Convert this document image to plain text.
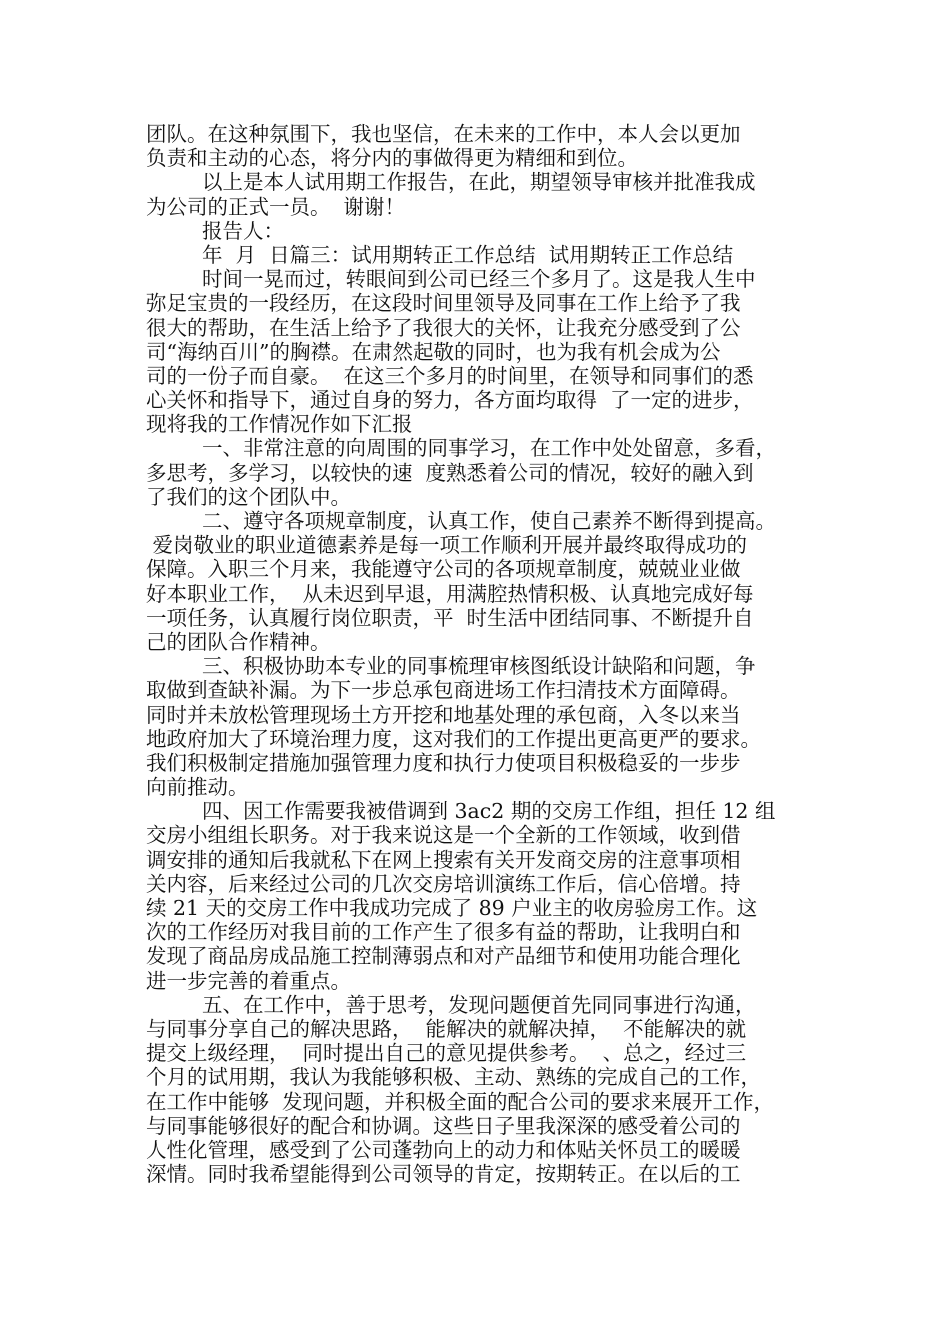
团队。在这种氛围下，我也坚信，在未来的工作中，本人会以更加
负责和主动的心态，将分内的事做得更为精细和到位。
以上是本人试用期工作报告，在此，期望领导审核并批准我成
为公司的正式一员。  谢谢！
报告人：
年  月  日篇三：试用期转正工作总结  试用期转正工作总结
时间一晃而过，转眼间到公司已经三个多月了。这是我人生中
弥足宝贵的一段经历，在这段时间里领导及同事在工作上给予了我
很大的帮助，在生活上给予了我很大的关怀，让我充分感受到了公
司“海纳百川”的胸襟。在肃然起敬的同时，也为我有机会成为公
司的一份子而自豪。  在这三个多月的时间里，在领导和同事们的悉
心关怀和指导下，通过自身的努力，各方面均取得  了一定的进步，
现将我的工作情况作如下汇报
一、非常注意的向周围的同事学习，在工作中处处留意，多看，
多思考，多学习，以较快的速  度熟悉着公司的情况，较好的融入到
了我们的这个团队中。
二、遵守各项规章制度，认真工作，使自己素养不断得到提高。
爱岗敬业的职业道德素养是每一项工作顺利开展并最终取得成功的
保障。入职三个月来，我能遵守公司的各项规章制度，兢兢业业做
好本职业工作，  从未迟到早退，用满腔热情积极、认真地完成好每
一项任务，认真履行岗位职责，平  时生活中团结同事、不断提升自
己的团队合作精神。
三、积极协助本专业的同事梳理审核图纸设计缺陷和问题，争
取做到查缺补漏。为下一步总承包商进场工作扫清技术方面障碍。
同时并未放松管理现场土方开挖和地基处理的承包商，入冬以来当
地政府加大了环境治理力度，这对我们的工作提出更高更严的要求。
我们积极制定措施加强管理力度和执行力使项目积极稳妥的一步步
向前推动。
四、因工作需要我被借调到 3ac2 期的交房工作组，担任 12 组
交房小组组长职务。对于我来说这是一个全新的工作领域，收到借
调安排的通知后我就私下在网上搜索有关开发商交房的注意事项相
关内容，后来经过公司的几次交房培训演练工作后，信心倍增。持
续 21 天的交房工作中我成功完成了 89 户业主的收房验房工作。这
次的工作经历对我目前的工作产生了很多有益的帮助，让我明白和
发现了商品房成品施工控制薄弱点和对产品细节和使用功能合理化
进一步完善的着重点。
五、在工作中，善于思考，发现问题便首先同同事进行沟通，
与同事分享自己的解决思路，  能解决的就解决掉，  不能解决的就
提交上级经理，  同时提出自己的意见提供参考。  、总之，经过三
个月的试用期，我认为我能够积极、主动、熟练的完成自己的工作，
在工作中能够  发现问题，并积极全面的配合公司的要求来展开工作，
与同事能够很好的配合和协调。这些日子里我深深的感受着公司的
人性化管理，感受到了公司蓬勃向上的动力和体贴关怀员工的暖暖
深情。同时我希望能得到公司领导的肯定，按期转正。在以后的工
